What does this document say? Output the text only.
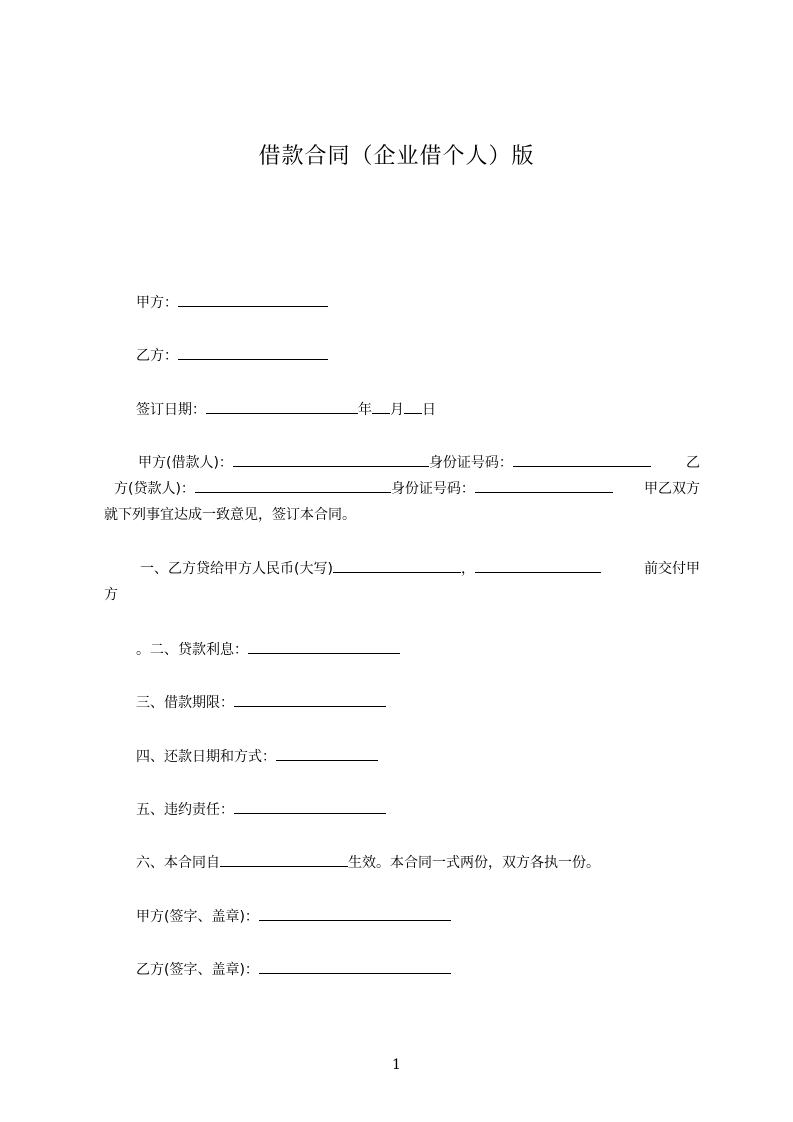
借款合同（企业借个人）版
甲方：
乙方：
签订日期：	年 月 日
甲方(借款人)：	身份证号码：	乙
方(贷款人)：	身份证号码：	甲乙双方
就下列事宜达成一致意见，签订本合同。
一、乙方贷给甲方人民币(大写)	，	前交付甲
方
。二、贷款利息：
三、借款期限：
四、还款日期和方式：
五、违约责任：
六、本合同自	生效。本合同一式两份，双方各执一份。
甲方(签字、盖章)：
乙方(签字、盖章)：
1
